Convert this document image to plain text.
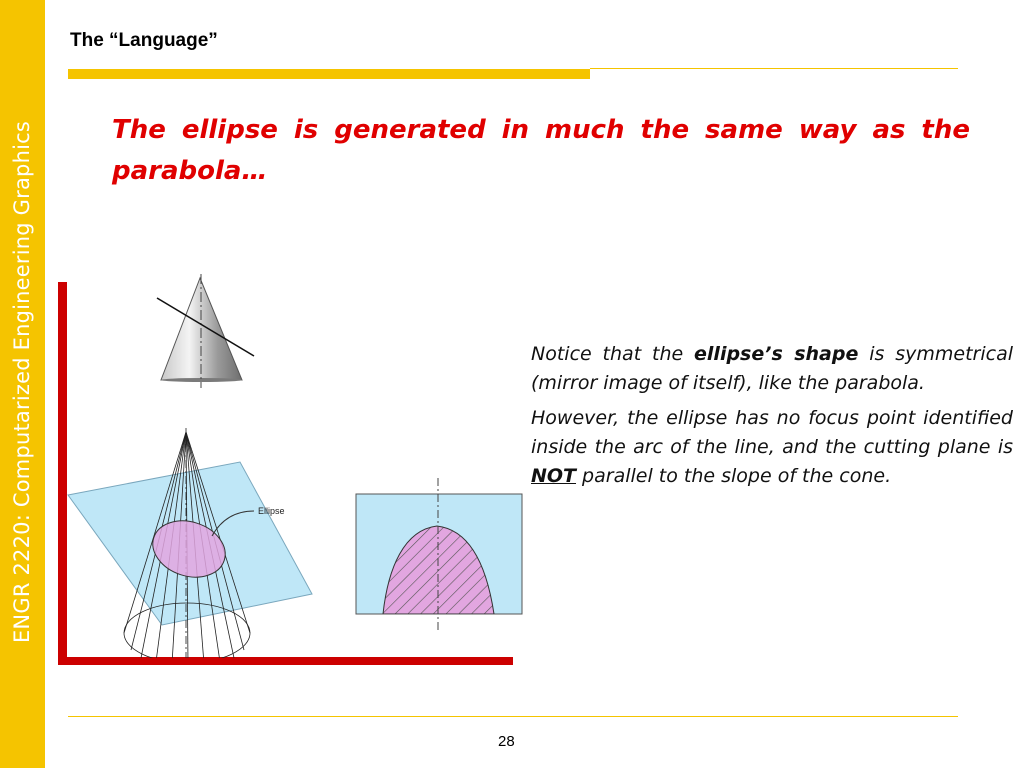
ENGR 2220: Computarized Engineering Graphics
The “Language”
The ellipse is generated in much the same way as the parabola…
Ellipse

Notice that the ellipse’s shape is symmetrical (mirror image of itself), like the parabola.

However, the ellipse has no focus point identified inside the arc of the line, and the cutting plane is NOT parallel to the slope of the cone.

28
